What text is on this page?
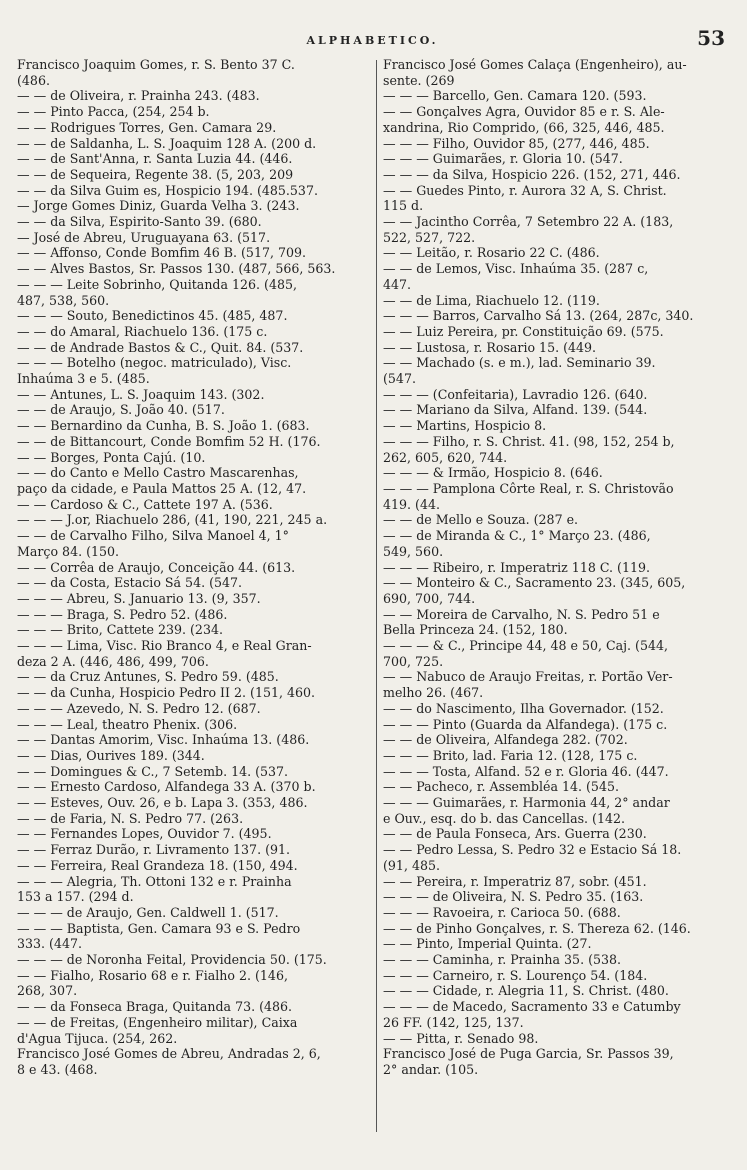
ALPHABETICO.	53
Francisco Joaquim Gomes, r. S. Bento 37 C.
(486.
— — de Oliveira, r. Prainha 243. (483.
— — Pinto Pacca, (254, 254 b.
— — Rodrigues Torres, Gen. Camara 29.
— — de Saldanha, L. S. Joaquim 128 A. (200 d.
— — de Sant'Anna, r. Santa Luzia 44. (446.
— — de Sequeira, Regente 38. (5, 203, 209
— — da Silva Guim es, Hospicio 194. (485.537.
— Jorge Gomes Diniz, Guarda Velha 3. (243.
— — da Silva, Espirito-Santo 39. (680.
— José de Abreu, Uruguayana 63. (517.
— — Affonso, Conde Bomfim 46 B. (517, 709.
— — Alves Bastos, Sr. Passos 130. (487, 566, 563.
— — — Leite Sobrinho, Quitanda 126. (485,
487, 538, 560.
— — — Souto, Benedictinos 45. (485, 487.
— — do Amaral, Riachuelo 136. (175 c.
— — de Andrade Bastos & C., Quit. 84. (537.
— — — Botelho (negoc. matriculado), Visc.
Inhaúma 3 e 5. (485.
— — Antunes, L. S. Joaquim 143. (302.
— — de Araujo, S. João 40. (517.
— — Bernardino da Cunha, B. S. João 1. (683.
— — de Bittancourt, Conde Bomfim 52 H. (176.
— — Borges, Ponta Cajú. (10.
— — do Canto e Mello Castro Mascarenhas,
paço da cidade, e Paula Mattos 25 A. (12, 47.
— — Cardoso & C., Cattete 197 A. (536.
— — — J.or, Riachuelo 286, (41, 190, 221, 245 a.
— — de Carvalho Filho, Silva Manoel 4, 1°
Março 84. (150.
— — Corrêa de Araujo, Conceição 44. (613.
— — da Costa, Estacio Sá 54. (547.
— — — Abreu, S. Januario 13. (9, 357.
— — — Braga, S. Pedro 52. (486.
— — — Brito, Cattete 239. (234.
— — — Lima, Visc. Rio Branco 4, e Real Gran-
deza 2 A. (446, 486, 499, 706.
— — da Cruz Antunes, S. Pedro 59. (485.
— — da Cunha, Hospicio Pedro II 2. (151, 460.
— — — Azevedo, N. S. Pedro 12. (687.
— — — Leal, theatro Phenix. (306.
— — Dantas Amorim, Visc. Inhaúma 13. (486.
— — Dias, Ourives 189. (344.
— — Domingues & C., 7 Setemb. 14. (537.
— — Ernesto Cardoso, Alfandega 33 A. (370 b.
— — Esteves, Ouv. 26, e b. Lapa 3. (353, 486.
— — de Faria, N. S. Pedro 77. (263.
— — Fernandes Lopes, Ouvidor 7. (495.
— — Ferraz Durão, r. Livramento 137. (91.
— — Ferreira, Real Grandeza 18. (150, 494.
— — — Alegria, Th. Ottoni 132 e r. Prainha
153 a 157. (294 d.
— — — de Araujo, Gen. Caldwell 1. (517.
— — — Baptista, Gen. Camara 93 e S. Pedro
333. (447.
— — — de Noronha Feital, Providencia 50. (175.
— — Fialho, Rosario 68 e r. Fialho 2. (146,
268, 307.
— — da Fonseca Braga, Quitanda 73. (486.
— — de Freitas, (Engenheiro militar), Caixa
d'Agua Tijuca. (254, 262.
Francisco José Gomes de Abreu, Andradas 2, 6,
8 e 43. (468.
Francisco José Gomes Calaça (Engenheiro), au-
sente. (269
— — — Barcello, Gen. Camara 120. (593.
— — Gonçalves Agra, Ouvidor 85 e r. S. Ale-
xandrina, Rio Comprido, (66, 325, 446, 485.
— — — Filho, Ouvidor 85, (277, 446, 485.
— — — Guimarães, r. Gloria 10. (547.
— — — da Silva, Hospicio 226. (152, 271, 446.
— — Guedes Pinto, r. Aurora 32 A, S. Christ.
115 d.
— — Jacintho Corrêa, 7 Setembro 22 A. (183,
522, 527, 722.
— — Leitão, r. Rosario 22 C. (486.
— — de Lemos, Visc. Inhaúma 35. (287 c,
447.
— — de Lima, Riachuelo 12. (119.
— — — Barros, Carvalho Sá 13. (264, 287c, 340.
— — Luiz Pereira, pr. Constituição 69. (575.
— — Lustosa, r. Rosario 15. (449.
— — Machado (s. e m.), lad. Seminario 39.
(547.
— — — (Confeitaria), Lavradio 126. (640.
— — Mariano da Silva, Alfand. 139. (544.
— — Martins, Hospicio 8.
— — — Filho, r. S. Christ. 41. (98, 152, 254 b,
262, 605, 620, 744.
— — — & Irmão, Hospicio 8. (646.
— — — Pamplona Côrte Real, r. S. Christovão
419. (44.
— — de Mello e Souza. (287 e.
— — de Miranda & C., 1° Março 23. (486,
549, 560.
— — — Ribeiro, r. Imperatriz 118 C. (119.
— — Monteiro & C., Sacramento 23. (345, 605,
690, 700, 744.
— — Moreira de Carvalho, N. S. Pedro 51 e
Bella Princeza 24. (152, 180.
— — — & C., Principe 44, 48 e 50, Caj. (544,
700, 725.
— — Nabuco de Araujo Freitas, r. Portão Ver-
melho 26. (467.
— — do Nascimento, Ilha Governador. (152.
— — — Pinto (Guarda da Alfandega). (175 c.
— — de Oliveira, Alfandega 282. (702.
— — — Brito, lad. Faria 12. (128, 175 c.
— — — Tosta, Alfand. 52 e r. Gloria 46. (447.
— — Pacheco, r. Assembléa 14. (545.
— — — Guimarães, r. Harmonia 44, 2° andar
e Ouv., esq. do b. das Cancellas. (142.
— — de Paula Fonseca, Ars. Guerra (230.
— — Pedro Lessa, S. Pedro 32 e Estacio Sá 18.
(91, 485.
— — Pereira, r. Imperatriz 87, sobr. (451.
— — — de Oliveira, N. S. Pedro 35. (163.
— — — Ravoeira, r. Carioca 50. (688.
— — de Pinho Gonçalves, r. S. Thereza 62. (146.
— — Pinto, Imperial Quinta. (27.
— — — Caminha, r. Prainha 35. (538.
— — — Carneiro, r. S. Lourenço 54. (184.
— — — Cidade, r. Alegria 11, S. Christ. (480.
— — — de Macedo, Sacramento 33 e Catumby
26 FF. (142, 125, 137.
— — Pitta, r. Senado 98.
Francisco José de Puga Garcia, Sr. Passos 39,
2° andar. (105.
